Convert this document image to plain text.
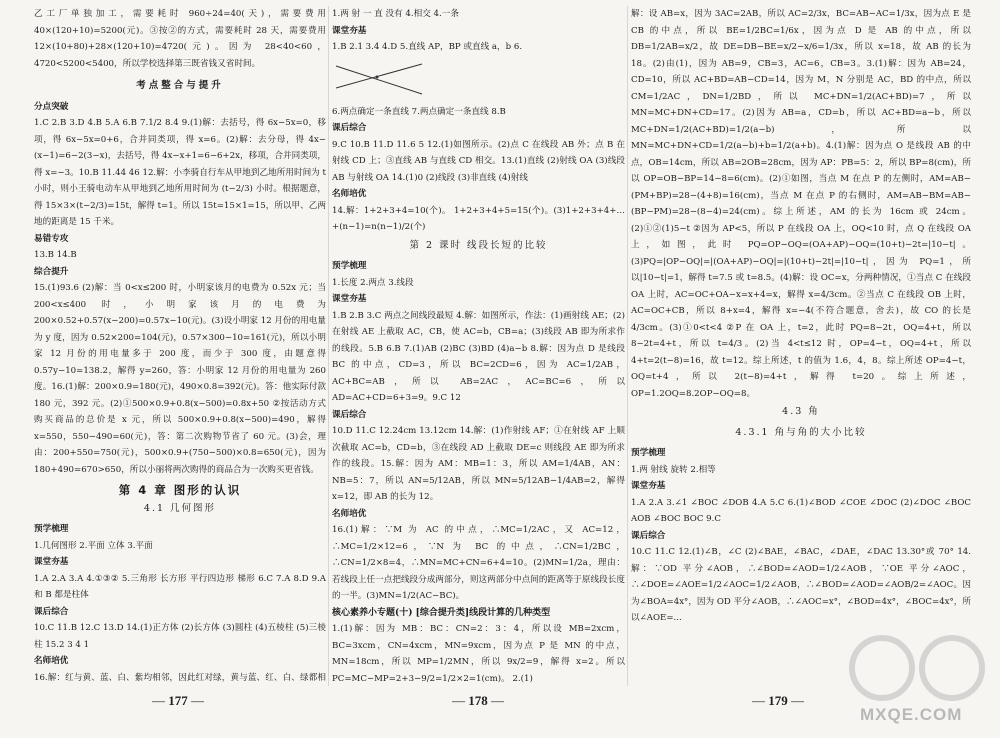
乙工厂单独加工，需要耗时 960÷24=40(天)，需要费用 40×(120+10)=5200(元)。③按②的方式，需要耗时 28 天，需要费用 12×(10+80)+28×(120+10)=4720(元)。因为 28<40<60，4720<5200<5400，所以学校选择第三既省钱又省时间。

考点整合与提升

分点突破

1.C 2.B 3.D 4.B 5.A 6.B 7.1/2 8.4 9.(1)解：去括号，得 6x−5x=0，移项，得 6x−5x=0+6，合并同类项，得 x=6。(2)解：去分母，得 4x−(x−1)=6−2(3−x)，去括号，得 4x−x+1=6−6+2x，移项，合并同类项，得 x=−3。10.B 11.44 46 12.解：小李骑自行车从甲地到乙地所用时间为 t 小时，则小王骑电动车从甲地到乙地所用时间为 (t−2/3) 小时。根据题意，得 15×3×(t−2/3)=15t，解得 t=1。所以 15t=15×1=15，所以甲、乙两地的距离是 15 千米。

易错专攻

13.B 14.B

综合提升

15.(1)93.6 (2)解：当 0<x≤200 时，小明家该月的电费为 0.52x 元；当 200<x≤400 时，小明家该月的电费为 200×0.52+0.57(x−200)=0.57x−10(元)。(3)设小明家 12 月份的用电量为 y 度，因为 0.52×200=104(元)，0.57×300−10=161(元)，所以小明家 12 月份的用电量多于 200 度，而少于 300 度，由题意得 0.57y−10=138.2，解得 y=260，答：小明家 12 月份的用电量为 260 度。16.(1)解：200×0.9=180(元)，490×0.8=392(元)。答：他实际付款 180 元，392 元。(2)①500×0.9+0.8(x−500)=0.8x+50 ②按活动方式购买商品的总价是 x 元，所以 500×0.9+0.8(x−500)=490，解得 x=550，550−490=60(元)，答：第二次购物节省了 60 元。(3)会，理由：200+550=750(元)，500×0.9+(750−500)×0.8=650(元)，因为 180+490=670>650，所以小丽将两次购得的商品合为一次购买更省钱。

第 4 章 图形的认识
4.1 几何图形

预学梳理

1.几何图形 2.平面 立体 3.平面

课堂夯基

1.A 2.A 3.A 4.①③② 5.三角形 长方形 平行四边形 梯形 6.C 7.A 8.D 9.A 和 B 都是柱体

课后综合

10.C 11.B 12.C 13.D 14.(1)正方体 (2)长方体 (3)圆柱 (4)五棱柱 (5)三棱柱 15.2 3 4 1

名师培优

16.解：红与黄、蓝、白、紫均相邻，因此红对绿，黄与蓝、红、白、绿都相

1.两 射 一 直 没有 4.相交 4.一条

课堂夯基

1.B 2.1 3.4 4.D 5.直线 AP，BP 或直线 a，b 6.

6.两点确定一条直线 7.两点确定一条直线 8.B

课后综合

9.C 10.B 11.D 11.6 5 12.(1)如图所示。(2)点 C 在线段 AB 外；点 B 在射线 CD 上；③直线 AB 与直线 CD 相交。13.(1)直线 (2)射线 OA (3)线段 AB 与射线 OA 14.(1)0 (2)线段 (3)非直线 (4)射线

名师培优

14.解：1+2+3+4=10(个)。 1+2+3+4+5=15(个)。(3)1+2+3+4+…+(n−1)=n(n−1)/2(个)

第 2 课时 线段长短的比较

预学梳理

1.长度 2.两点 3.线段

课堂夯基

1.B 2.B 3.C 两点之间线段最短 4.解：如图所示，作法：(1)画射线 AE；(2)在射线 AE 上截取 AC，CB，使 AC=b，CB=a；(3)线段 AB 即为所求作的线段。5.B 6.B 7.(1)AB (2)BC (3)BD (4)a−b 8.解：因为点 D 是线段 BC 的中点，CD=3，所以 BC=2CD=6，因为 AC=1/2AB，AC+BC=AB，所以 AB=2AC，AC=BC=6，所以 AD=AC+CD=6+3=9。9.C 12

课后综合

10.D 11.C 12.24cm 13.12cm 14.解：(1)作射线 AF；①在射线 AF 上顺次截取 AC=b，CD=b，③在线段 AD 上截取 DE=c 则线段 AE 即为所求作的线段。15.解：因为 AM：MB=1：3，所以 AM=1/4AB，AN：NB=5：7，所以 AN=5/12AB，所以 MN=5/12AB−1/4AB=2，解得 x=12，即 AB 的长为 12。

名师培优

16.(1)解：∵M 为 AC 的中点，∴MC=1/2AC，又 AC=12，∴MC=1/2×12=6，∵N 为 BC 的中点，∴CN=1/2BC，∴CN=1/2×8=4，∴MN=MC+CN=6+4=10。(2)MN=1/2a，理由：若线段上任一点把线段分成两部分，则这两部分中点间的距离等于原线段长度的一半。(3)MN=1/2(AC−BC)。

核心素养小专题(十) [综合提升类]线段计算的几种类型

1.(1)解：因为 MB：BC：CN=2：3：4，所以设 MB=2xcm，BC=3xcm，CN=4xcm，MN=9xcm，因为点 P 是 MN 的中点，MN=18cm，所以 MP=1/2MN，所以 9x/2=9，解得 x=2。所以 PC=MC−MP=2+3−9/2=1/2×2=1(cm)。 2.(1)

解：设 AB=x，因为 3AC=2AB，所以 AC=2/3x，BC=AB−AC=1/3x，因为点 E 是 CB 的中点，所以 BE=1/2BC=1/6x，因为点 D 是 AB 的中点，所以 DB=1/2AB=x/2，故 DE=DB−BE=x/2−x/6=1/3x，所以 x=18，故 AB 的长为 18。(2)由(1)，因为 AB=9，CB=3，AC=6，CB=3。3.(1)解：因为 AB=24，CD=10，所以 AC+BD=AB−CD=14，因为 M，N 分别是 AC，BD 的中点，所以 CM=1/2AC，DN=1/2BD，所以 MC+DN=1/2(AC+BD)=7，所以 MN=MC+DN+CD=17。(2)因为 AB=a，CD=b，所以 AC+BD=a−b，所以 MC+DN=1/2(AC+BD)=1/2(a−b)，所以 MN=MC+DN+CD=1/2(a−b)+b=1/2(a+b)。4.(1)解：因为点 O 是线段 AB 的中点，OB=14cm，所以 AB=2OB=28cm，因为 AP：PB=5：2，所以 BP=8(cm)，所以 OP=OB−BP=14−8=6(cm)。(2)①如图，当点 M 在点 P 的左侧时，AM=AB−(PM+BP)=28−(4+8)=16(cm)，当点 M 在点 P 的右侧时，AM=AB−BM=AB−(BP−PM)=28−(8−4)=24(cm)。综上所述，AM 的长为 16cm 或 24cm。(2)①②(1)5−t ②因为 AP<5，所以 P 在线段 OA 上，OQ<10 时，点 Q 在线段 OA 上，如图，此时 PQ=OP−OQ=(OA+AP)−OQ=(10+t)−2t=|10−t|。(3)PQ=|OP−OQ|=|(OA+AP)−OQ|=|(10+t)−2t|=|10−t|，因为 PQ=1，所以|10−t|=1，解得 t=7.5 或 t=8.5。(4)解：设 OC=x，分两种情况，①当点 C 在线段 OA 上时，AC=OC+OA−x=x+4=x，解得 x=4/3cm。②当点 C 在线段 OB 上时，AC=OC+CB，所以 8+x=4，解得 x=−4(不符合题意，舍去)，故 CO 的长是 4/3cm。(3)①0<t<4 ②P 在 OA 上，t=2，此时 PQ=8−2t，OQ=4+t，所以 8−2t=4+t，所以 t=4/3。(2)当 4<t≤12 时，OP=4−t，OQ=4+t，所以 4+t=2(t−8)=16，故 t=12。综上所述，t 的值为 1.6，4，8。综上所述 OP=4−t，OQ=t+4，所以 2(t−8)=4+t，解得 t=20。综上所述，OP=1.2OQ=8.2OP−OQ=8。

4.3 角
4.3.1 角与角的大小比较

预学梳理

1.两 射线 旋转 2.相等

课堂夯基

1.A 2.A 3.∠1 ∠BOC ∠DOB 4.A 5.C 6.(1)∠BOD ∠COE ∠DOC (2)∠DOC ∠BOC AOB ∠BOC BOC 9.C

课后综合

10.C 11.C 12.(1)∠B，∠C (2)∠BAE，∠BAC，∠DAE，∠DAC 13.30°或 70° 14.解：∵OD 平分∠AOB，∴∠BOD=∠AOD=1/2∠AOB，∵OE 平分∠AOC，∴∠DOE=∠AOE=1/2∠AOC=1/2∠AOB，∴∠BOD=∠AOD=∠AOB/2=∠AOC。因为∠BOA=4x°，因为 OD 平分∠AOB，∴∠AOC=x°，∠BOD=4x°，∠BOC=4x°，所以∠AOE=...

— 177 —	— 178 —	— 179 —
MXQE.COM
